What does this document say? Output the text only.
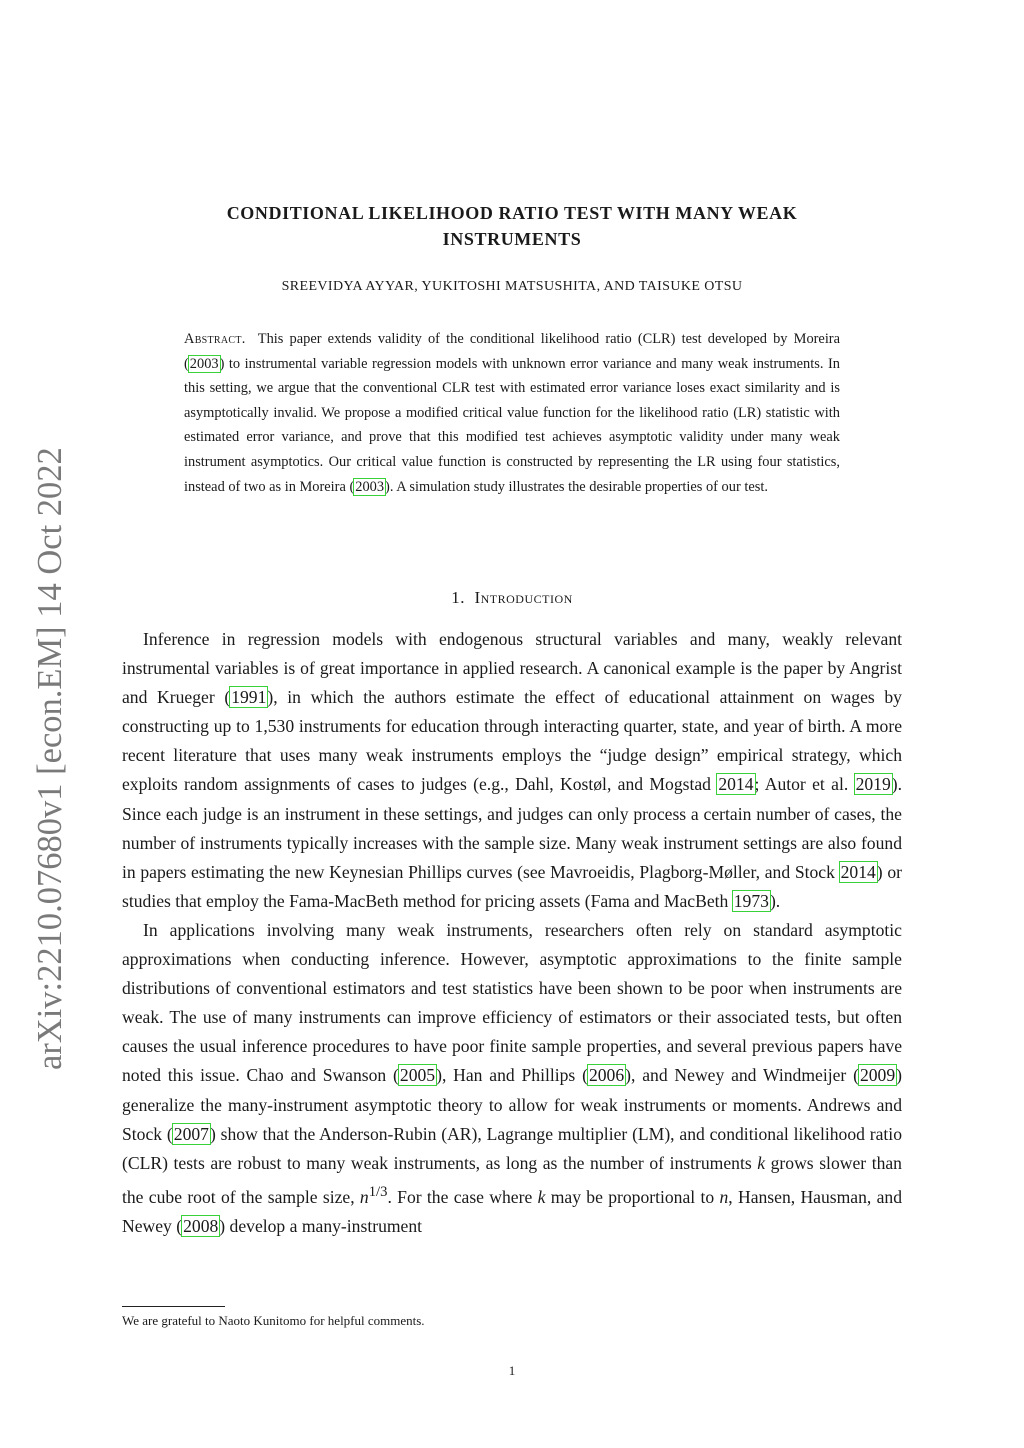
arXiv:2210.07680v1 [econ.EM] 14 Oct 2022
CONDITIONAL LIKELIHOOD RATIO TEST WITH MANY WEAK
INSTRUMENTS
SREEVIDYA AYYAR, YUKITOSHI MATSUSHITA, AND TAISUKE OTSU
Abstract. This paper extends validity of the conditional likelihood ratio (CLR) test developed by Moreira (2003) to instrumental variable regression models with unknown error variance and many weak instruments. In this setting, we argue that the conventional CLR test with estimated error variance loses exact similarity and is asymptotically invalid. We propose a modified critical value function for the likelihood ratio (LR) statistic with estimated error variance, and prove that this modified test achieves asymptotic validity under many weak instrument asymptotics. Our critical value function is constructed by representing the LR using four statistics, instead of two as in Moreira (2003). A simulation study illustrates the desirable properties of our test.
1. Introduction

Inference in regression models with endogenous structural variables and many, weakly relevant instrumental variables is of great importance in applied research. A canonical example is the paper by Angrist and Krueger (1991), in which the authors estimate the effect of educational attainment on wages by constructing up to 1,530 instruments for education through interacting quarter, state, and year of birth. A more recent literature that uses many weak instruments employs the “judge design” empirical strategy, which exploits random assignments of cases to judges (e.g., Dahl, Kostøl, and Mogstad 2014; Autor et al. 2019). Since each judge is an instrument in these settings, and judges can only process a certain number of cases, the number of instruments typically increases with the sample size. Many weak instrument settings are also found in papers estimating the new Keynesian Phillips curves (see Mavroeidis, Plagborg-Møller, and Stock 2014) or studies that employ the Fama-MacBeth method for pricing assets (Fama and MacBeth 1973).

In applications involving many weak instruments, researchers often rely on standard asymptotic approximations when conducting inference. However, asymptotic approximations to the finite sample distributions of conventional estimators and test statistics have been shown to be poor when instruments are weak. The use of many instruments can improve efficiency of estimators or their associated tests, but often causes the usual inference procedures to have poor finite sample properties, and several previous papers have noted this issue. Chao and Swanson (2005), Han and Phillips (2006), and Newey and Windmeijer (2009) generalize the many-instrument asymptotic theory to allow for weak instruments or moments. Andrews and Stock (2007) show that the Anderson-Rubin (AR), Lagrange multiplier (LM), and conditional likelihood ratio (CLR) tests are robust to many weak instruments, as long as the number of instruments k grows slower than the cube root of the sample size, $n^{1/3}$. For the case where k may be proportional to n, Hansen, Hausman, and Newey (2008) develop a many-instrument

We are grateful to Naoto Kunitomo for helpful comments.
1
